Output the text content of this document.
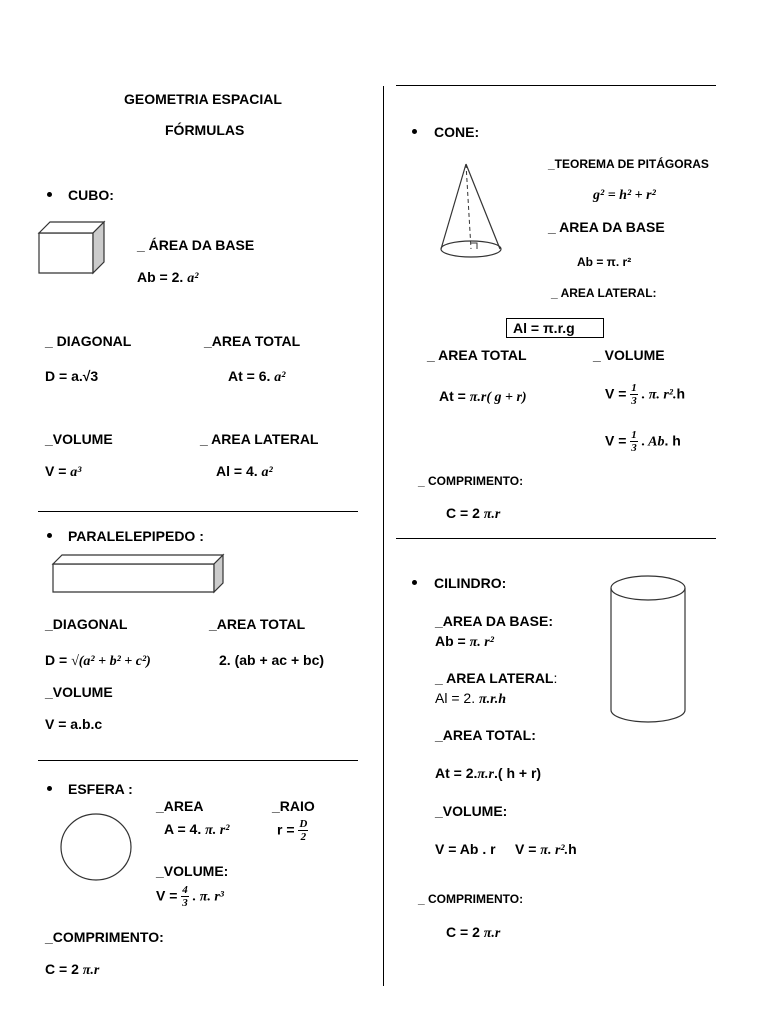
GEOMETRIA ESPACIAL
FÓRMULAS
CUBO:
_ ÁREA DA BASE
Ab = 2. a²
_ DIAGONAL
D = a.√3
_AREA TOTAL
At = 6. a²
_VOLUME
V = a³
_ AREA LATERAL
Al = 4. a²
PARALELEPIPEDO :
_DIAGONAL
D = √(a² + b² + c²)
_AREA TOTAL
2. (ab + ac + bc)
_VOLUME
V = a.b.c
ESFERA :
_AREA
A = 4. π. r²
_RAIO
$r = \frac{D}{2}$
_VOLUME:
$V = \frac{4}{3}$ . π. r³
_COMPRIMENTO:
C = 2 π.r
CONE:
_TEOREMA DE PITÁGORAS
g² = h² + r²
_ AREA DA BASE
Ab = π. r²
_ AREA LATERAL:
Al = π.r.g
_ AREA TOTAL
At = π.r( g + r)
_ VOLUME
$V = \frac{1}{3}$ . π. r².h
$V = \frac{1}{3}$ . Ab. h
_ COMPRIMENTO:
C = 2 π.r
CILINDRO:
_AREA DA BASE:
Ab = π. r²
_ AREA LATERAL:
Al = 2. π.r.h
_AREA TOTAL:
At = 2.π.r.( h + r)
_VOLUME:
V = Ab . r     V = π. r².h
_ COMPRIMENTO:
C = 2 π.r
